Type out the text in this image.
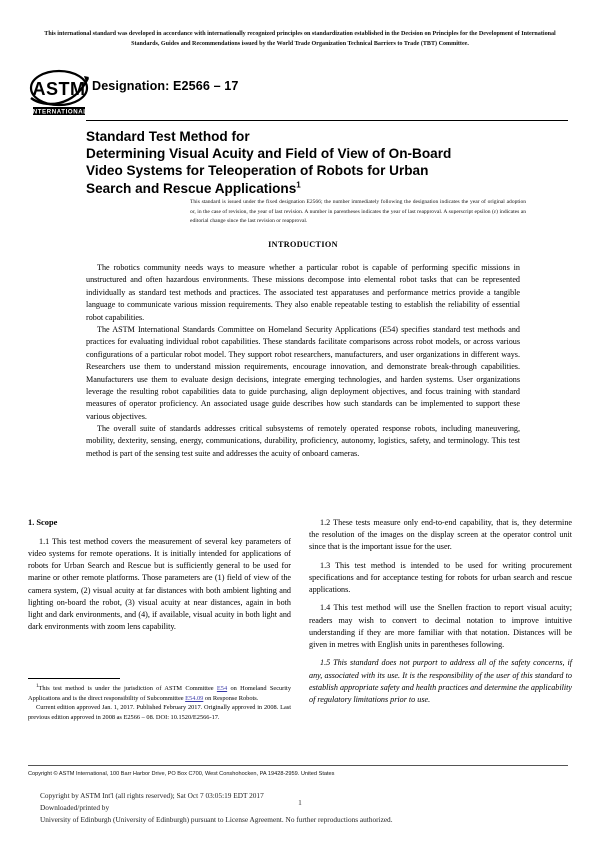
This international standard was developed in accordance with internationally recognized principles on standardization established in the Decision on Principles for the Development of International Standards, Guides and Recommendations issued by the World Trade Organization Technical Barriers to Trade (TBT) Committee.
ASTM
INTERNATIONAL
Designation: E2566 – 17
Standard Test Method for
Determining Visual Acuity and Field of View of On-Board
Video Systems for Teleoperation of Robots for Urban
Search and Rescue Applications$^1$
This standard is issued under the fixed designation E2566; the number immediately following the designation indicates the year of original adoption or, in the case of revision, the year of last revision. A number in parentheses indicates the year of last reapproval. A superscript epsilon (ε) indicates an editorial change since the last revision or reapproval.
INTRODUCTION

The robotics community needs ways to measure whether a particular robot is capable of performing specific missions in unstructured and often hazardous environments. These missions decompose into elemental robot tasks that can be represented individually as standard test methods and practices. The associated test apparatuses and performance metrics provide a tangible language to communicate various mission requirements. They also enable repeatable testing to establish the reliability of essential robot capabilities.

The ASTM International Standards Committee on Homeland Security Applications (E54) specifies standard test methods and practices for evaluating individual robot capabilities. These standards facilitate comparisons across robot models, or across various configurations of a particular robot model. They support robot researchers, manufacturers, and user organizations in different ways. Researchers use them to understand mission requirements, encourage innovation, and demonstrate break-through capabilities. Manufacturers use them to evaluate design decisions, integrate emerging technologies, and harden systems. User organizations leverage the resulting robot capabilities data to guide purchasing, align deployment objectives, and focus training with standard measures of operator proficiency. An associated usage guide describes how such standards can be implemented to support these various objectives.

The overall suite of standards addresses critical subsystems of remotely operated response robots, including maneuvering, mobility, dexterity, sensing, energy, communications, durability, proficiency, autonomy, logistics, safety, and terminology. This test method is part of the sensing test suite and addresses the acuity of onboard cameras.

1. Scope

1.1 This test method covers the measurement of several key parameters of video systems for remote operations. It is initially intended for applications of robots for Urban Search and Rescue but is sufficiently general to be used for marine or other remote platforms. Those parameters are (1) field of view of the camera system, (2) visual acuity at far distances with both ambient lighting and lighting on-board the robot, (3) visual acuity at near distances, again in both light and dark environments, and (4), if available, visual acuity in both light and dark environments with zoom lens capability.

1.2 These tests measure only end-to-end capability, that is, they determine the resolution of the images on the display screen at the operator control unit since that is the important issue for the user.

1.3 This test method is intended to be used for writing procurement specifications and for acceptance testing for robots for urban search and rescue applications.

1.4 This test method will use the Snellen fraction to report visual acuity; readers may wish to convert to decimal notation to improve intuitive understanding if they are more familiar with that notation. Distances will be given in metres with English units in parentheses following.

1.5 This standard does not purport to address all of the safety concerns, if any, associated with its use. It is the responsibility of the user of this standard to establish appropriate safety and health practices and determine the applicability of regulatory limitations prior to use.

$^1$This test method is under the jurisdiction of ASTM Committee E54 on Homeland Security Applications and is the direct responsibility of Subcommittee E54.09 on Response Robots.

Current edition approved Jan. 1, 2017. Published February 2017. Originally approved in 2008. Last previous edition approved in 2008 as E2566 – 08. DOI: 10.1520/E2566-17.

Copyright © ASTM International, 100 Barr Harbor Drive, PO Box C700, West Conshohocken, PA 19428-2959. United States
Copyright by ASTM Int'l (all rights reserved); Sat Oct 7 03:05:19 EDT 2017
Downloaded/printed by
University of Edinburgh (University of Edinburgh) pursuant to License Agreement. No further reproductions authorized.
1
